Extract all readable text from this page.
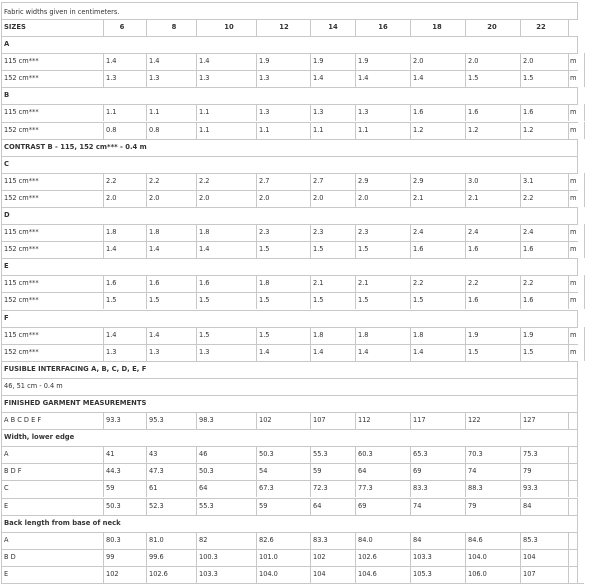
Fabric widths given in centimeters.
SIZES	6	8	10	12	14	16	18	20	22
A
115 cm***	1.4	1.4	1.4	1.9	1.9	1.9	2.0	2.0	2.0	m
152 cm***	1.3	1.3	1.3	1.3	1.4	1.4	1.4	1.5	1.5	m
B
115 cm***	1.1	1.1	1.1	1.3	1.3	1.3	1.6	1.6	1.6	m
152 cm***	0.8	0.8	1.1	1.1	1.1	1.1	1.2	1.2	1.2	m
CONTRAST B - 115, 152 cm*** - 0.4 m
C
115 cm***	2.2	2.2	2.2	2.7	2.7	2.9	2.9	3.0	3.1	m
152 cm***	2.0	2.0	2.0	2.0	2.0	2.0	2.1	2.1	2.2	m
D
115 cm***	1.8	1.8	1.8	2.3	2.3	2.3	2.4	2.4	2.4	m
152 cm***	1.4	1.4	1.4	1.5	1.5	1.5	1.6	1.6	1.6	m
E
115 cm***	1.6	1.6	1.6	1.8	2.1	2.1	2.2	2.2	2.2	m
152 cm***	1.5	1.5	1.5	1.5	1.5	1.5	1.5	1.6	1.6	m
F
115 cm***	1.4	1.4	1.5	1.5	1.8	1.8	1.8	1.9	1.9	m
152 cm***	1.3	1.3	1.3	1.4	1.4	1.4	1.4	1.5	1.5	m
FUSIBLE INTERFACING A, B, C, D, E, F
46, 51 cm - 0.4 m
FINISHED GARMENT MEASUREMENTS
A B C D E F	93.3	95.3	98.3	102	107	112	117	122	127
Width, lower edge
A	41	43	46	50.3	55.3	60.3	65.3	70.3	75.3
B D F	44.3	47.3	50.3	54	59	64	69	74	79
C	59	61	64	67.3	72.3	77.3	83.3	88.3	93.3
E	50.3	52.3	55.3	59	64	69	74	79	84
Back length from base of neck
A	80.3	81.0	82	82.6	83.3	84.0	84	84.6	85.3
B D	99	99.6	100.3	101.0	102	102.6	103.3	104.0	104
E	102	102.6	103.3	104.0	104	104.6	105.3	106.0	107
